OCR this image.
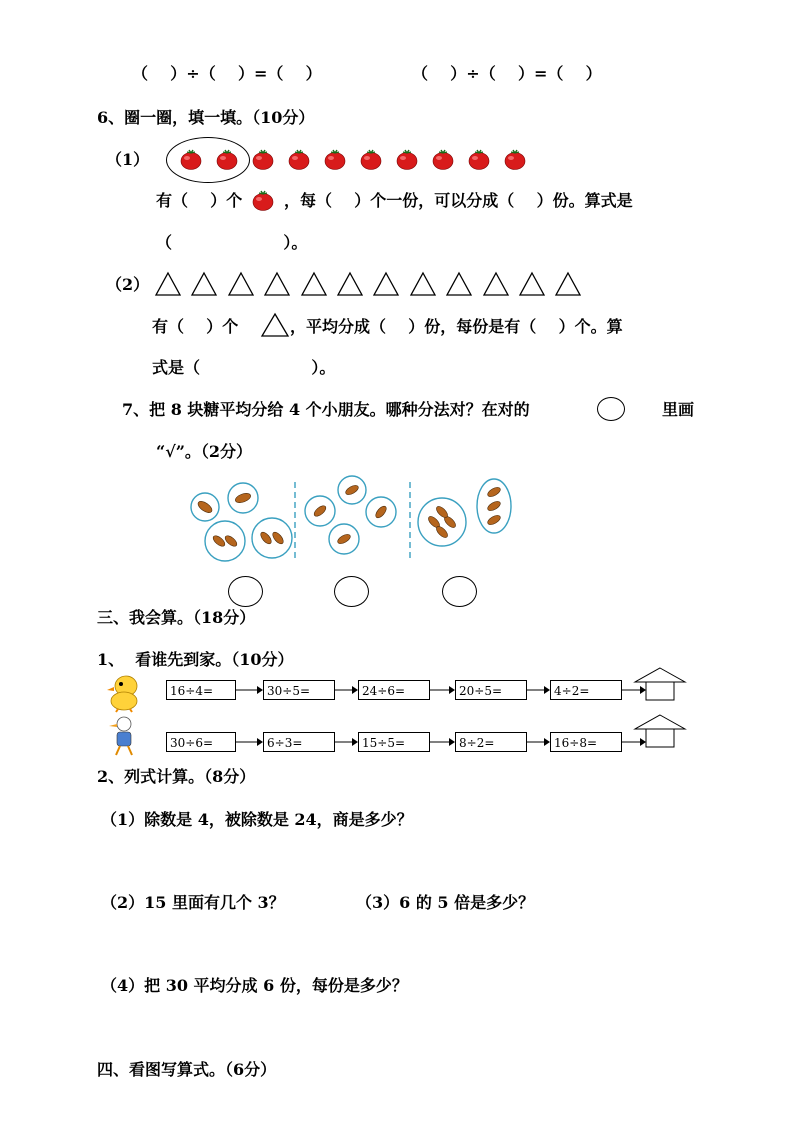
（    ）÷（    ）=（    ）	（    ）÷（    ）=（    ）
6、圈一圈，填一填。（10分）
（1）
有（    ）个	，每（    ）个一份，可以分成（    ）份。算式是
（                    ）。
（2）
有（    ）个	，平均分成（    ）份，每份是有（    ）个。算
式是（                    ）。
7、把 8 块糖平均分给 4 个小朋友。哪种分法对？在对的	里画
“√”。（2分）
三、我会算。（18分）
1、  看谁先到家。（10分）
16÷4=	30÷5=	24÷6=	20÷5=	4÷2=
30÷6=	6÷3=	15÷5=	8÷2=	16÷8=
2、列式计算。（8分）
（1）除数是 4，被除数是 24，商是多少？
（2）15 里面有几个 3？	（3）6 的 5 倍是多少？
（4）把 30 平均分成 6 份，每份是多少？
四、看图写算式。（6分）
